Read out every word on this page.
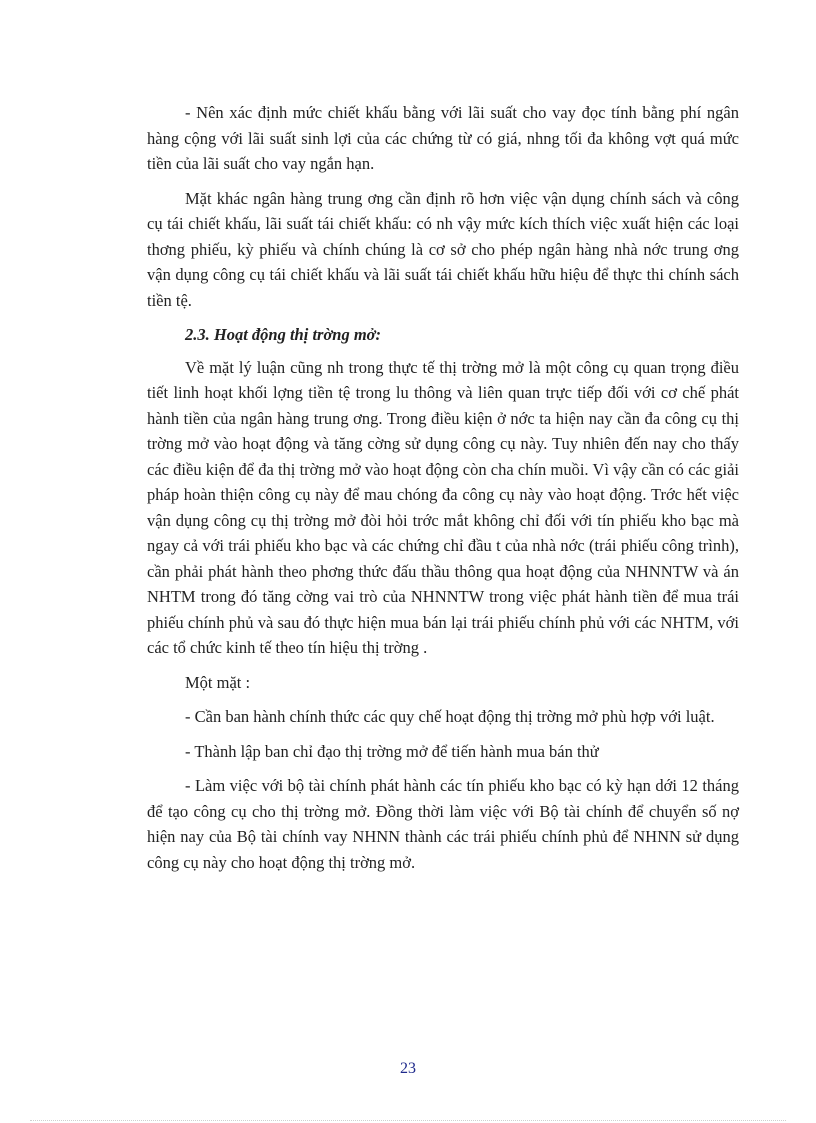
- Nên xác định mức chiết khấu bằng với lãi suất cho vay đọc tính bằng phí ngân hàng cộng với lãi suất sinh lợi của các chứng từ có giá, nhng tối đa không vợt quá mức tiền của lãi suất cho vay ngắn hạn.

Mặt khác ngân hàng trung ơng cần định rõ hơn việc vận dụng chính sách và công cụ tái chiết khấu, lãi suất tái chiết khấu: có nh vậy mức kích thích việc xuất hiện các loại thơng phiếu, kỳ phiếu và chính chúng là cơ sở cho phép ngân hàng nhà nớc trung ơng vận dụng công cụ tái chiết khấu và lãi suất tái chiết khấu hữu hiệu để thực thi chính sách tiền tệ.

2.3. Hoạt động thị trờng mở:

Về mặt lý luận cũng nh trong thực tế thị trờng mở là một công cụ quan trọng điều tiết linh hoạt khối lợng tiền tệ trong lu thông và liên quan trực tiếp đối với cơ chế phát hành tiền của ngân hàng trung ơng. Trong điều kiện ở nớc ta hiện nay cần đa công cụ thị trờng mở vào hoạt động và tăng cờng sử dụng công cụ này. Tuy nhiên đến nay cho thấy các điều kiện để đa thị trờng mở vào hoạt động còn cha chín muồi. Vì vậy cần có các giải pháp hoàn thiện công cụ này để mau chóng đa công cụ này vào hoạt động. Trớc hết việc vận dụng công cụ thị trờng mở đòi hỏi trớc mắt không chỉ đối với tín phiếu kho bạc mà ngay cả với trái phiếu kho bạc và các chứng chỉ đầu t của nhà nớc (trái phiếu công trình), cần phải phát hành theo phơng thức đấu thầu thông qua hoạt động của NHNNTW và án NHTM trong đó tăng cờng vai trò của NHNNTW trong việc phát hành tiền để mua trái phiếu chính phủ và sau đó thực hiện mua bán lại trái phiếu chính phủ với các NHTM, với các tổ chức kinh tế theo tín hiệu thị trờng .

Một mặt :

- Cần ban hành chính thức các quy chế hoạt động thị trờng mở phù hợp với luật.

- Thành lập ban chỉ đạo thị trờng mở để tiến hành mua bán thử

- Làm việc với bộ tài chính phát hành các tín phiếu kho bạc có kỳ hạn dới 12 tháng để tạo công cụ cho thị trờng mở. Đồng thời làm việc với Bộ tài chính để chuyển số nợ hiện nay của Bộ tài chính vay NHNN thành các trái phiếu chính phủ để NHNN sử dụng công cụ này cho hoạt động thị trờng mở.

23
